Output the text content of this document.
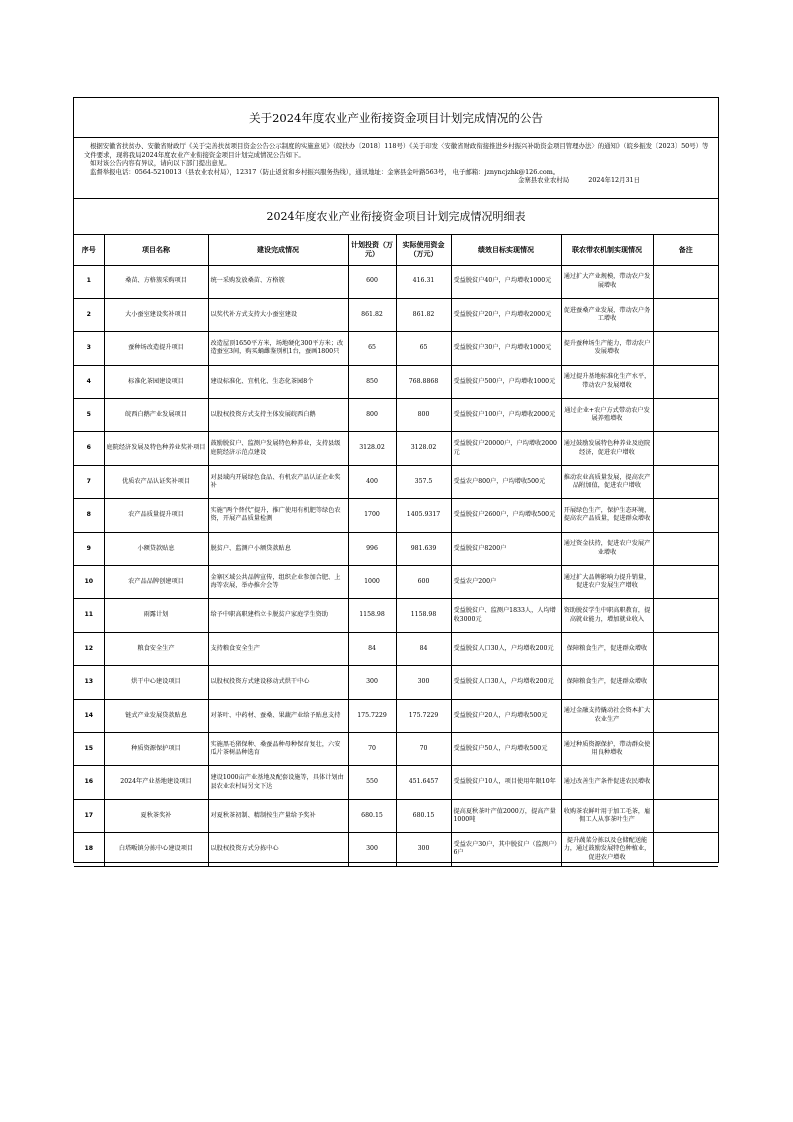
关于2024年度农业产业衔接资金项目计划完成情况的公告

根据安徽省扶贫办、安徽省财政厅《关于完善扶贫项目资金公告公示制度的实施意见》（皖扶办〔2018〕118号）《关于印发〈安徽省财政衔接推进乡村振兴补助资金项目管理办法〉的通知》（皖乡振发〔2023〕50号）等文件要求，现将我局2024年度农业产业衔接资金项目计划完成情况公告如下。

如对该公告内容有异议，请向以下部门提出意见。

监督举报电话：0564-5210013（县农业农村局），12317（防止返贫和乡村振兴服务热线），通讯地址：金寨县金叶路563号， 电子邮箱：jznyncjzhk@126.com。

金寨县农业农村局　　　2024年12月31日

2024年度农业产业衔接资金项目计划完成情况明细表
序号	项目名称	建设完成情况	计划投资（万元）	实际使用资金（万元）	绩效目标实现情况	联农带农机制实现情况	备注
1	桑苗、方格簇采购项目	统一采购发放桑苗、方格簇	600	416.31	受益脱贫户40户，户均增收1000元	通过扩大产业规模，带动农户发展增收	
2	大小蚕室建设奖补项目	以奖代补方式支持大小蚕室建设	861.82	861.82	受益脱贫户20户，户均增收2000元	促进蚕桑产业发展，带动农户务工增收	
3	蚕种场改造提升项目	改造屋顶1650平方米，场地硬化300平方米；改造蚕室3间，购买蛹雌鉴别机1台，蚕画1800只	65	65	受益脱贫户30户，户均增收1000元	提升蚕种场生产能力，带动农户发展增收	
4	标准化茶园建设项目	建设标准化、宜机化、生态化茶园8个	850	768.8868	受益脱贫户500户，户均增收1000元	通过提升基地标准化生产水平，带动农户发展增收	
5	皖西白鹅产业发展项目	以股权投资方式支持主体发展皖西白鹅	800	800	受益脱贫户100户，户均增收2000元	通过企业+农户方式带动农户发展养殖增收	
6	庭院经济发展及特色种养业奖补项目	鼓励脱贫户、监测户发展特色种养业，支持县级庭院经济示范点建设	3128.02	3128.02	受益脱贫户20000户，户均增收2000元	通过鼓励发展特色种养业及庭院经济，促进农户增收	
7	优质农产品认证奖补项目	对县域内开展绿色食品、有机农产品认证企业奖补	400	357.5	受益农户800户，户均增收500元	推动农业高质量发展，提高农产品附加值，促进农户增收	
8	农产品质量提升项目	实施“两个替代”提升，推广使用有机肥等绿色农资，开展产品质量检测	1700	1405.9317	受益脱贫户2600户，户均增收500元	开展绿色生产，保护生态环境，提高农产品质量，促进群众增收	
9	小额贷款贴息	脱贫户、监测户小额贷款贴息	996	981.639	受益脱贫户8200户	通过资金扶持，促进农户发展产业增收	
10	农产品品牌创建项目	金寨区域公共品牌宣传，组织企业参加合肥、上海等农展，举办推介会等	1000	600	受益农户200户	通过扩大品牌影响力提升销量，促进农户发展生产增收	
11	雨露计划	给予中职高职建档立卡脱贫户家庭学生资助	1158.98	1158.98	受益脱贫户、监测户1833人，人均增收3000元	资助脱贫学生中职高职教育，提高就业能力，增加就业收入	
12	粮食安全生产	支持粮食安全生产	84	84	受益脱贫人口30人，户均增收200元	保障粮食生产，促进群众增收	
13	烘干中心建设项目	以股权投资方式建设移动式烘干中心	300	300	受益脱贫人口30人，户均增收200元	保障粮食生产，促进群众增收	
14	链式产业发展贷款贴息	对茶叶、中药材、蚕桑、果蔬产业给予贴息支持	175.7229	175.7229	受益脱贫户20人，户均增收500元	通过金融支持撬动社会资本扩大农业生产	
15	种质资源保护项目	实施黑毛猪保种、桑蚕品种母种保育复壮，六安瓜片茶树品种选育	70	70	受益脱贫户50人，户均增收500元	通过种质资源保护，带动群众使用良种增收	
16	2024年产业基地建设项目	建设1000亩产业基地及配套设施等，具体计划由县农业农村局另文下达	550	451.6457	受益脱贫户10人，项目使用年限10年	通过改善生产条件促进农民增收	
17	夏秋茶奖补	对夏秋茶初制、精制按生产量给予奖补	680.15	680.15	提高夏秋茶叶产值2000万，提高产量1000吨	收购茶农鲜叶用于加工毛茶，雇佣工人从事茶叶生产	
18	白塔畈镇分拣中心建设项目	以股权投资方式分拣中心	300	300	受益农户30户，其中脱贫户（监测户）6户	提升蔬菜分拣以及仓储配送能力，通过鼓励发展特色种植业，促进农户增收	
